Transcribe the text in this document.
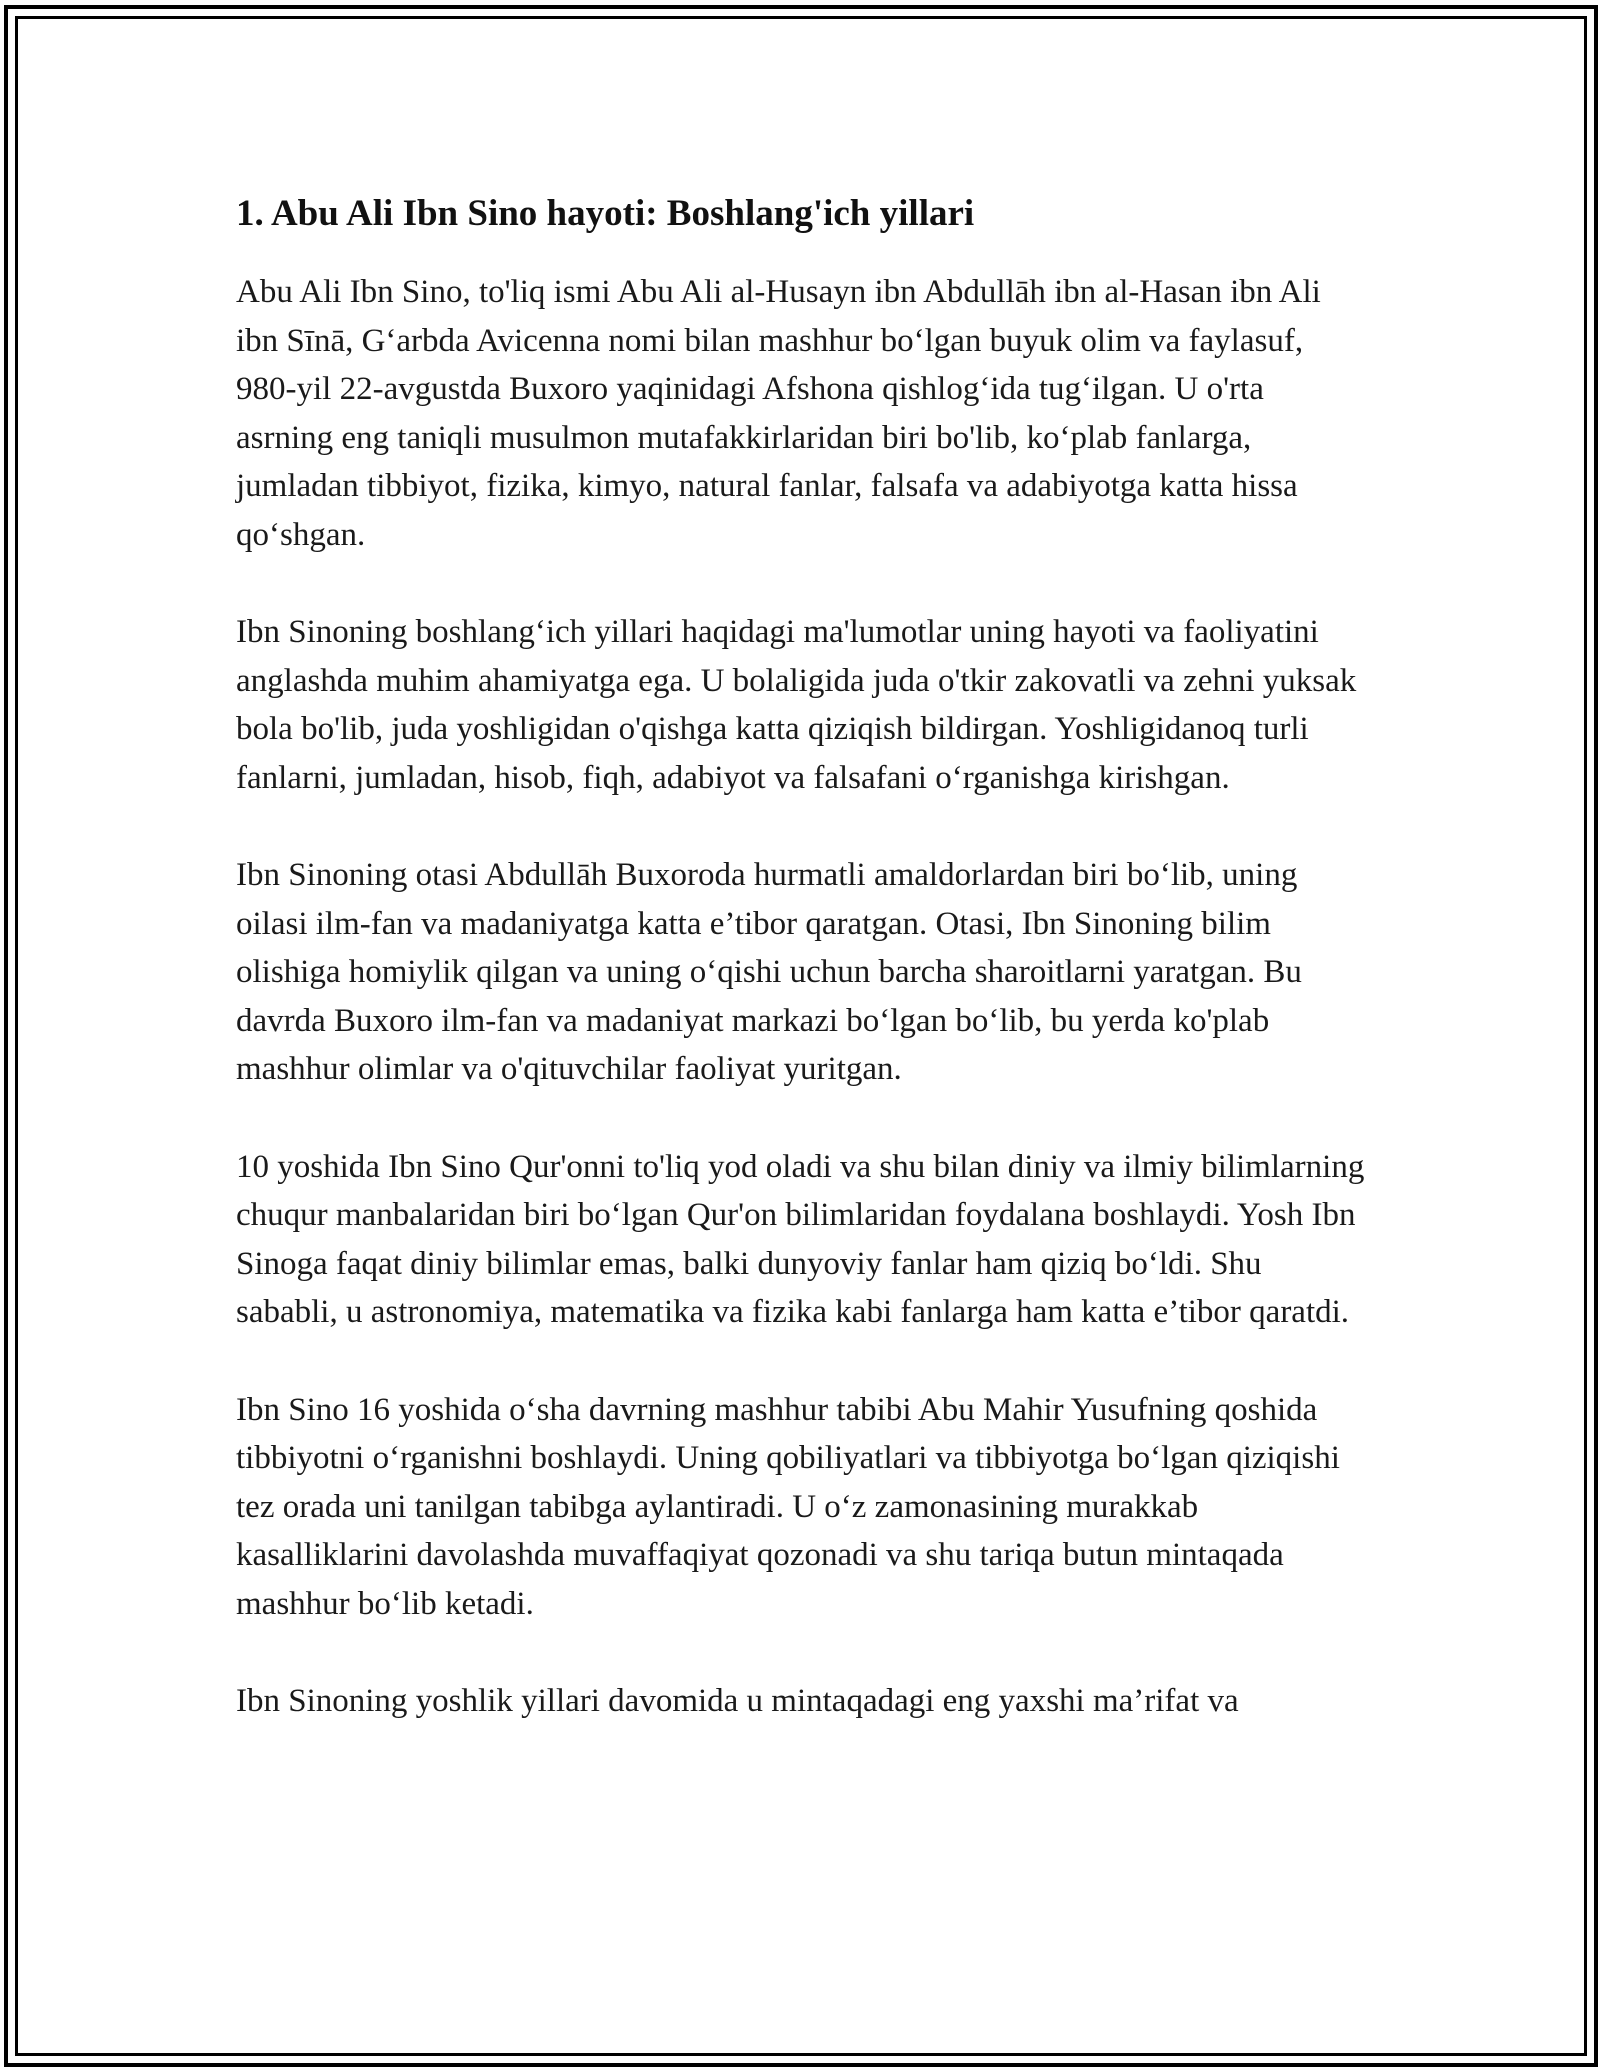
1. Abu Ali Ibn Sino hayoti: Boshlang'ich yillari

Abu Ali Ibn Sino, to'liq ismi Abu Ali al-Husayn ibn Abdullāh ibn al-Hasan ibn Ali ibn Sīnā, G‘arbda Avicenna nomi bilan mashhur bo‘lgan buyuk olim va faylasuf, 980-yil 22-avgustda Buxoro yaqinidagi Afshona qishlog‘ida tug‘ilgan. U o'rta asrning eng taniqli musulmon mutafakkirlaridan biri bo'lib, ko‘plab fanlarga, jumladan tibbiyot, fizika, kimyo, natural fanlar, falsafa va adabiyotga katta hissa qo‘shgan.

Ibn Sinoning boshlang‘ich yillari haqidagi ma'lumotlar uning hayoti va faoliyatini anglashda muhim ahamiyatga ega. U bolaligida juda o'tkir zakovatli va zehni yuksak bola bo'lib, juda yoshligidan o'qishga katta qiziqish bildirgan. Yoshligidanoq turli fanlarni, jumladan, hisob, fiqh, adabiyot va falsafani o‘rganishga kirishgan.

Ibn Sinoning otasi Abdullāh Buxoroda hurmatli amaldorlardan biri bo‘lib, uning oilasi ilm-fan va madaniyatga katta e’tibor qaratgan. Otasi, Ibn Sinoning bilim olishiga homiylik qilgan va uning o‘qishi uchun barcha sharoitlarni yaratgan. Bu davrda Buxoro ilm-fan va madaniyat markazi bo‘lgan bo‘lib, bu yerda ko'plab mashhur olimlar va o'qituvchilar faoliyat yuritgan.

10 yoshida Ibn Sino Qur'onni to'liq yod oladi va shu bilan diniy va ilmiy bilimlarning chuqur manbalaridan biri bo‘lgan Qur'on bilimlaridan foydalana boshlaydi. Yosh Ibn Sinoga faqat diniy bilimlar emas, balki dunyoviy fanlar ham qiziq bo‘ldi. Shu sababli, u astronomiya, matematika va fizika kabi fanlarga ham katta e’tibor qaratdi.

Ibn Sino 16 yoshida o‘sha davrning mashhur tabibi Abu Mahir Yusufning qoshida tibbiyotni o‘rganishni boshlaydi. Uning qobiliyatlari va tibbiyotga bo‘lgan qiziqishi tez orada uni tanilgan tabibga aylantiradi. U o‘z zamonasining murakkab kasalliklarini davolashda muvaffaqiyat qozonadi va shu tariqa butun mintaqada mashhur bo‘lib ketadi.

Ibn Sinoning yoshlik yillari davomida u mintaqadagi eng yaxshi ma’rifat va
